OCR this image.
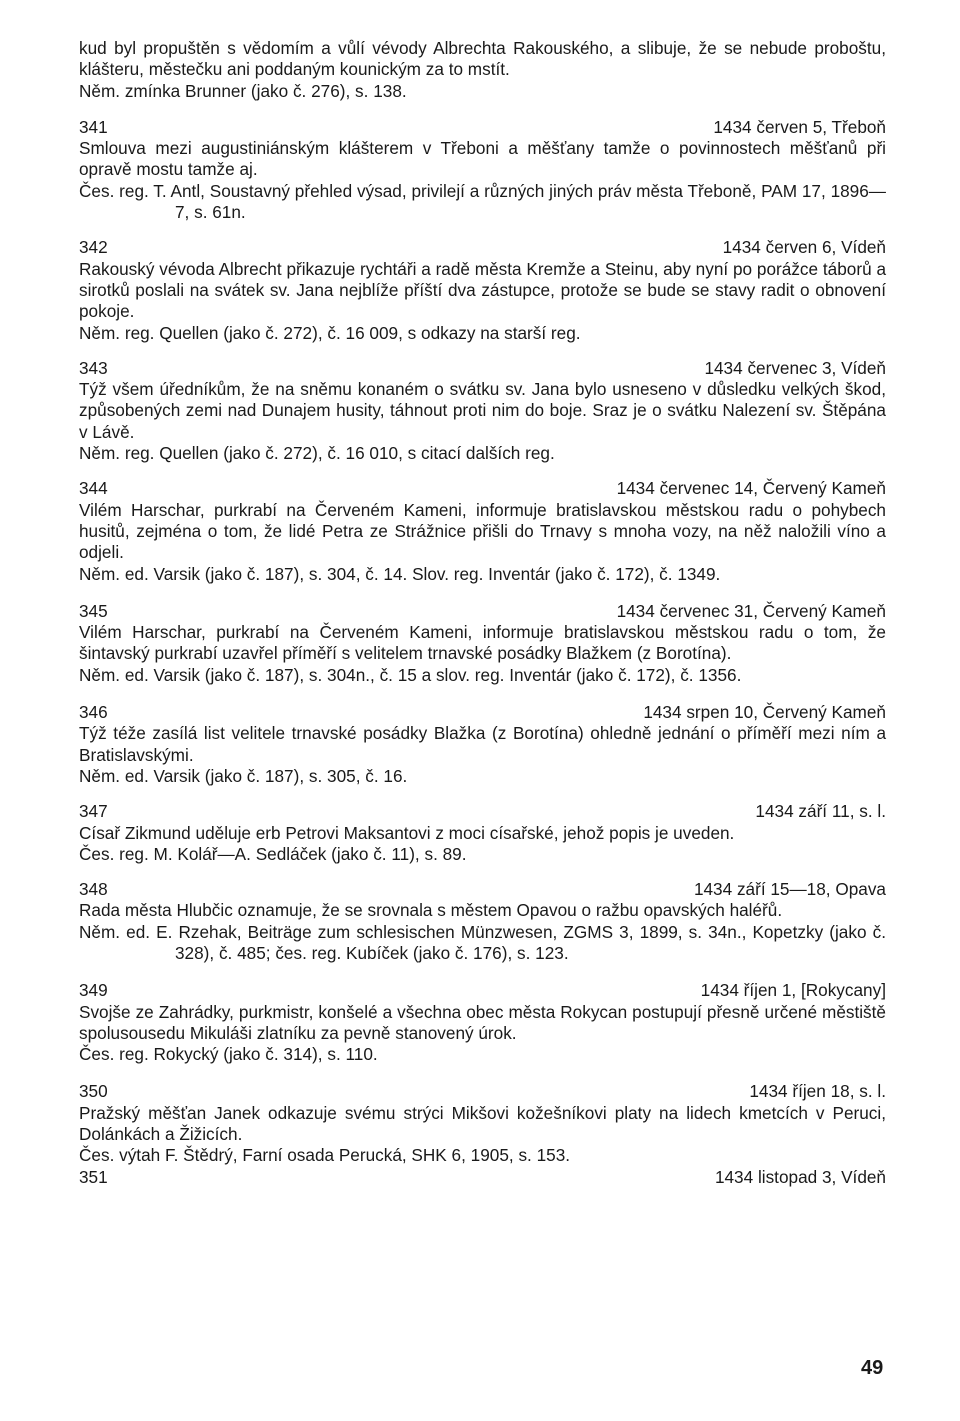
kud byl propuštěn s vědomím a vůlí vévody Albrechta Rakouského, a slibuje, že se nebude proboštu, klášteru, městečku ani poddaným kounickým za to mstít.
Něm. zmínka Brunner (jako č. 276), s. 138.
341	1434 červen 5, Třeboň
Smlouva mezi augustiniánským klášterem v Třeboni a měšťany tamže o povinnostech měšťanů při opravě mostu tamže aj.
Čes. reg. T. Antl, Soustavný přehled výsad, privilejí a různých jiných práv města Třeboně, PAM 17, 1896—7, s. 61n.
342	1434 červen 6, Vídeň
Rakouský vévoda Albrecht přikazuje rychtáři a radě města Kremže a Steinu, aby nyní po porážce táborů a sirotků poslali na svátek sv. Jana nejblíže příští dva zástupce, protože se bude se stavy radit o obnovení pokoje.
Něm. reg. Quellen (jako č. 272), č. 16 009, s odkazy na starší reg.
343	1434 červenec 3, Vídeň
Týž všem úředníkům, že na sněmu konaném o svátku sv. Jana bylo usneseno v důsledku velkých škod, způsobených zemi nad Dunajem husity, táhnout proti nim do boje. Sraz je o svátku Nalezení sv. Štěpána v Lávě.
Něm. reg. Quellen (jako č. 272), č. 16 010, s citací dalších reg.
344	1434 červenec 14, Červený Kameň
Vilém Harschar, purkrabí na Červeném Kameni, informuje bratislavskou městskou radu o pohybech husitů, zejména o tom, že lidé Petra ze Strážnice přišli do Trnavy s mnoha vozy, na něž naložili víno a odjeli.
Něm. ed. Varsik (jako č. 187), s. 304, č. 14. Slov. reg. Inventár (jako č. 172), č. 1349.
345	1434 červenec 31, Červený Kameň
Vilém Harschar, purkrabí na Červeném Kameni, informuje bratislavskou městskou radu o tom, že šintavský purkrabí uzavřel příměří s velitelem trnavské posádky Blažkem (z Borotína).
Něm. ed. Varsik (jako č. 187), s. 304n., č. 15 a slov. reg. Inventár (jako č. 172), č. 1356.
346	1434 srpen 10, Červený Kameň
Týž téže zasílá list velitele trnavské posádky Blažka (z Borotína) ohledně jednání o příměří mezi ním a Bratislavskými.
Něm. ed. Varsik (jako č. 187), s. 305, č. 16.
347	1434 září 11, s. l.
Císař Zikmund uděluje erb Petrovi Maksantovi z moci císařské, jehož popis je uveden.
Čes. reg. M. Kolář—A. Sedláček (jako č. 11), s. 89.
348	1434 září 15—18, Opava
Rada města Hlubčic oznamuje, že se srovnala s městem Opavou o ražbu opavských haléřů.
Něm. ed. E. Rzehak, Beiträge zum schlesischen Münzwesen, ZGMS 3, 1899, s. 34n., Kopetzky (jako č. 328), č. 485; čes. reg. Kubíček (jako č. 176), s. 123.
349	1434 říjen 1, [Rokycany]
Svojše ze Zahrádky, purkmistr, konšelé a všechna obec města Rokycan postupují přesně určené městiště spolusousedu Mikuláši zlatníku za pevně stanovený úrok.
Čes. reg. Rokycký (jako č. 314), s. 110.
350	1434 říjen 18, s. l.
Pražský měšťan Janek odkazuje svému strýci Mikšovi kožešníkovi platy na lidech kmetcích v Peruci, Dolánkách a Žižicích.
Čes. výtah F. Štědrý, Farní osada Perucká, SHK 6, 1905, s. 153.
351	1434 listopad 3, Vídeň
49
